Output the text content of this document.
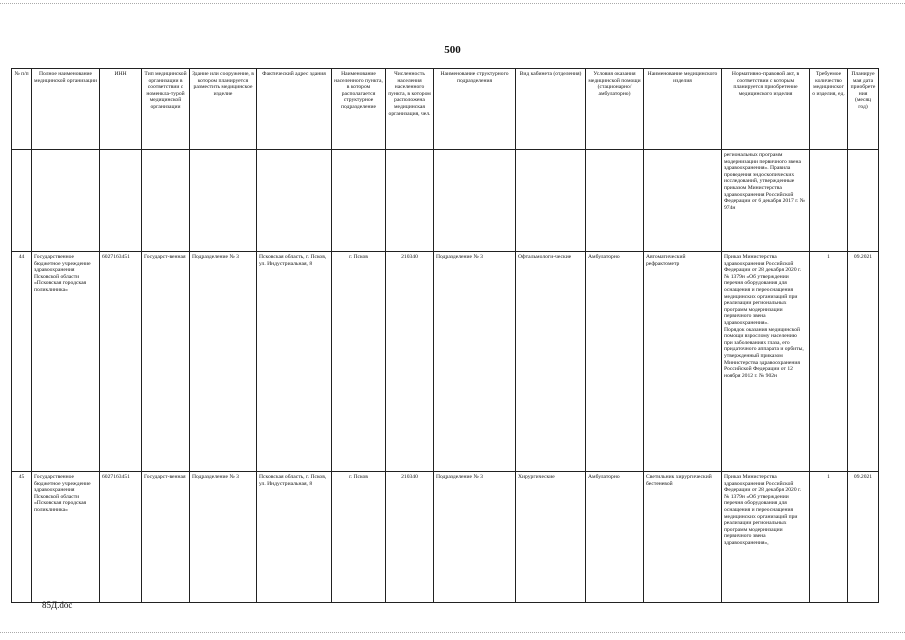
500
№ п/п	Полное наименование медицинской организации	ИНН	Тип медицинской организации в соответствии с номенкла-турой медицинской организации	Здание или сооружение, в котором планируется разместить медицинское изделие	Фактический адрес здания	Наименование населенного пункта, в котором располагается структурное подразделение	Численность населения населенного пункта, в котором расположена медицинская организация, чел.	Наименование структурного подразделения	Вид кабинета (отделения)	Условия оказания медицинской помощи (стационарно/ амбулаторно)	Наименование медицинского изделия	Нормативно-правовой акт, в соответствии с которым планируется приобретение медицинского изделия	Требуемое количество медицинского изделия, ед.	Планируемая дата приобретения (месяц год)
												региональных программ модернизации первичного звена здравоохранения». Правила проведения эндоскопических исследований, утвержденные приказом Министерства здравоохранения Российской Федерации от 6 декабря 2017 г. № 974н		
44	Государственное бюджетное учреждение здравоохранения Псковской области «Псковская городская поликлиника»	6027163451	Государст-венная	Подразделение № 3	Псковская область, г. Псков, ул. Индустриальная, 8	г. Псков	210340	Подразделение № 3	Офтальмологи-ческие	Амбулаторно	Автоматический рефрактометр	Приказ Министерства здравоохранения Российской Федерации от 28 декабря 2020 г. № 1379н «Об утверждении перечня оборудования для оснащения и переоснащения медицинских организаций при реализации региональных программ модернизации первичного звена здравоохранения».
Порядок оказания медицинской помощи взрослому населению при заболеваниях глаза, его придаточного аппарата и орбиты, утвержденный приказом Министерства здравоохранения Российской Федерации от 12 ноября 2012 г. № 902н	1	09.2021
45	Государственное бюджетное учреждение здравоохранения Псковской области «Псковская городская поликлиника»	6027163451	Государст-венная	Подразделение № 3	Псковская область, г. Псков, ул. Индустриальная, 8	г. Псков	210340	Подразделение № 3	Хирургические	Амбулаторно	Светильник хирургический бестеневой	Приказ Министерства здравоохранения Российской Федерации от 28 декабря 2020 г. № 1379н «Об утверждении перечня оборудования для оснащения и переоснащения медицинских организаций при реализации региональных программ модернизации первичного звена здравоохранения»,	1	09.2021
85Д.doc
